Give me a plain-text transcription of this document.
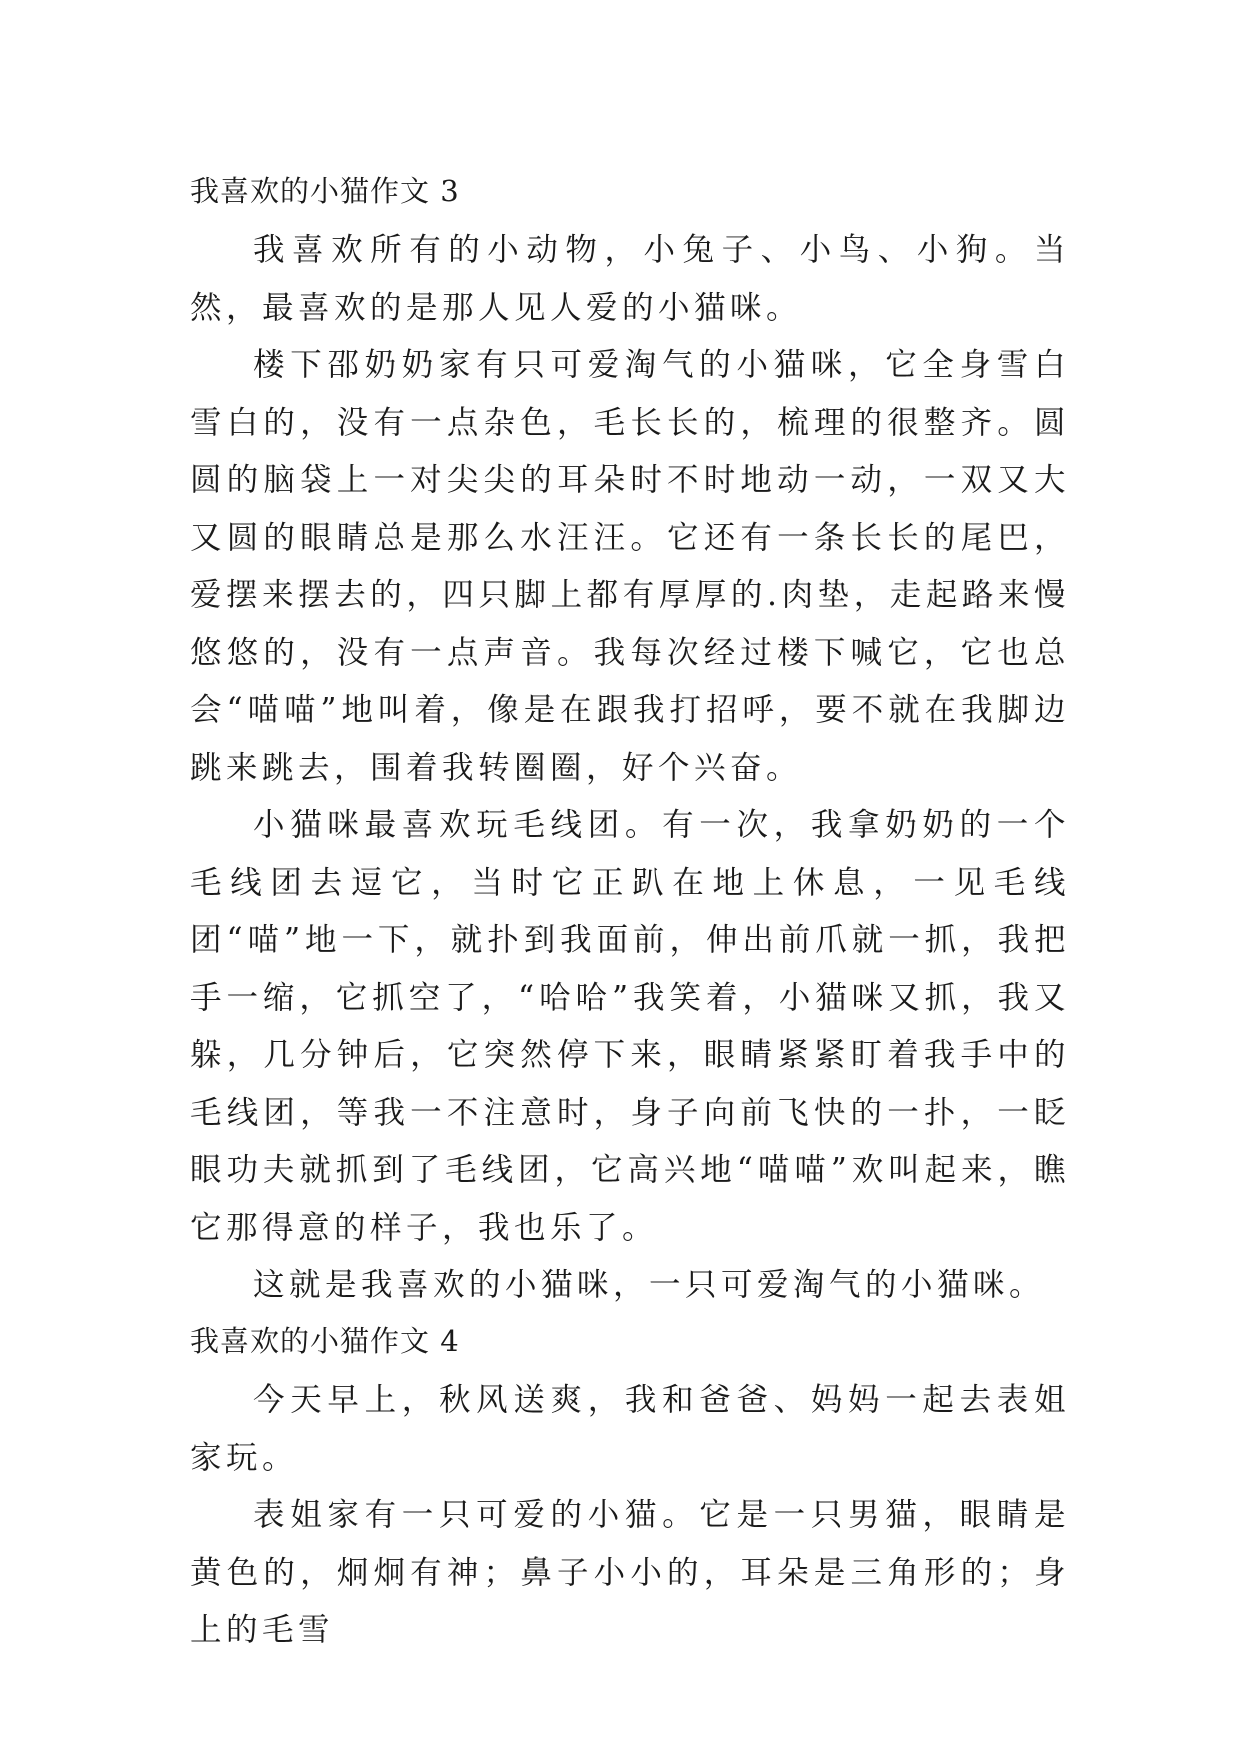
我喜欢的小猫作文 3

我喜欢所有的小动物，小兔子、小鸟、小狗。当然，最喜欢的是那人见人爱的小猫咪。

楼下邵奶奶家有只可爱淘气的小猫咪，它全身雪白雪白的，没有一点杂色，毛长长的，梳理的很整齐。圆圆的脑袋上一对尖尖的耳朵时不时地动一动，一双又大又圆的眼睛总是那么水汪汪。它还有一条长长的尾巴，爱摆来摆去的，四只脚上都有厚厚的.肉垫，走起路来慢悠悠的，没有一点声音。我每次经过楼下喊它，它也总会“喵喵”地叫着，像是在跟我打招呼，要不就在我脚边跳来跳去，围着我转圈圈，好个兴奋。

小猫咪最喜欢玩毛线团。有一次，我拿奶奶的一个毛线团去逗它，当时它正趴在地上休息，一见毛线团“喵”地一下，就扑到我面前，伸出前爪就一抓，我把手一缩，它抓空了，“哈哈”我笑着，小猫咪又抓，我又躲，几分钟后，它突然停下来，眼睛紧紧盯着我手中的毛线团，等我一不注意时，身子向前飞快的一扑，一眨眼功夫就抓到了毛线团，它高兴地“喵喵”欢叫起来，瞧它那得意的样子，我也乐了。

这就是我喜欢的小猫咪，一只可爱淘气的小猫咪。

我喜欢的小猫作文 4

今天早上，秋风送爽，我和爸爸、妈妈一起去表姐家玩。

表姐家有一只可爱的小猫。它是一只男猫，眼睛是黄色的，炯炯有神；鼻子小小的，耳朵是三角形的；身上的毛雪
